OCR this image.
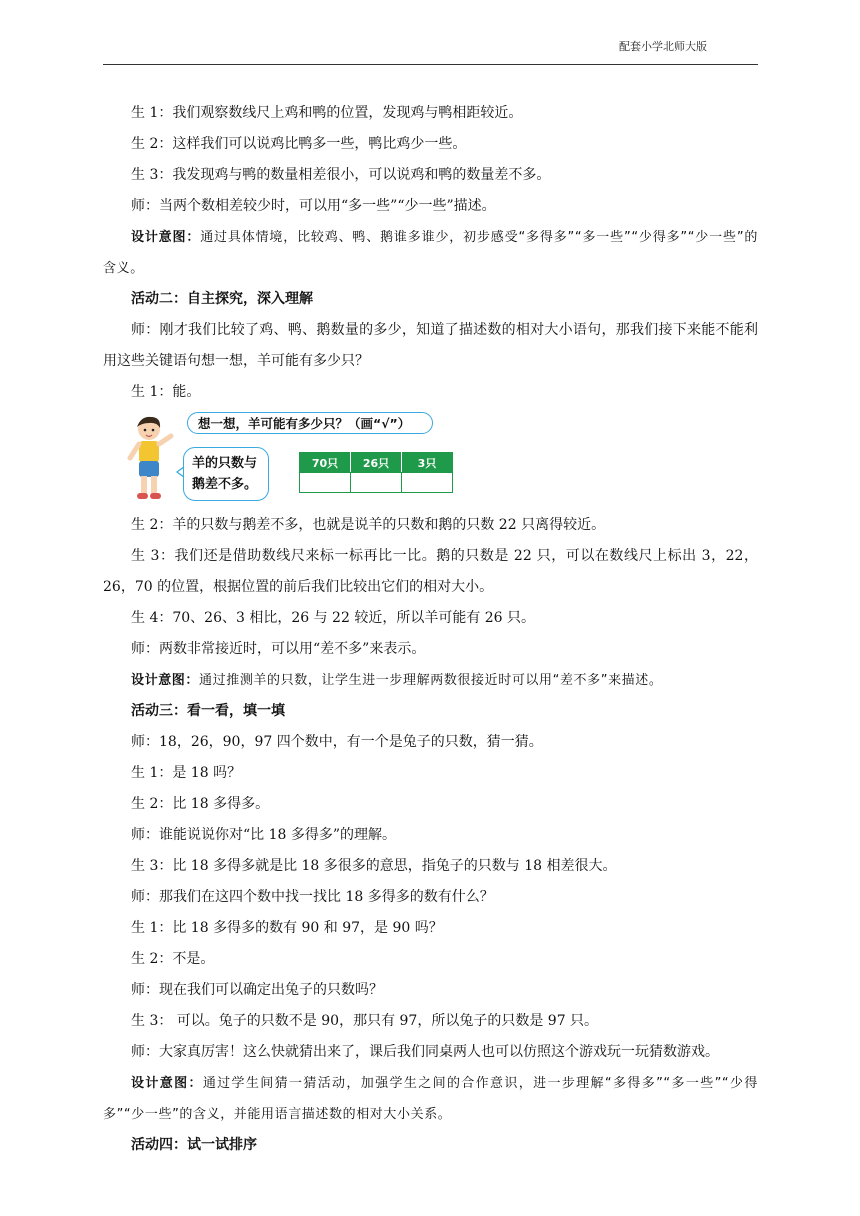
配套小学北师大版

生 1：我们观察数线尺上鸡和鸭的位置，发现鸡与鸭相距较近。

生 2：这样我们可以说鸡比鸭多一些，鸭比鸡少一些。

生 3：我发现鸡与鸭的数量相差很小，可以说鸡和鸭的数量差不多。

师：当两个数相差较少时，可以用“多一些”“少一些”描述。

设计意图：通过具体情境，比较鸡、鸭、鹅谁多谁少，初步感受“多得多”“多一些”“少得多”“少一些”的含义。

活动二：自主探究，深入理解

师：刚才我们比较了鸡、鸭、鹅数量的多少，知道了描述数的相对大小语句，那我们接下来能不能利用这些关键语句想一想，羊可能有多少只？

生 1：能。

想一想，羊可能有多少只？（画“√”）
羊的只数与
鹅差不多。
70只	26只	3只

生 2：羊的只数与鹅差不多，也就是说羊的只数和鹅的只数 22 只离得较近。

生 3：我们还是借助数线尺来标一标再比一比。鹅的只数是 22 只，可以在数线尺上标出 3，22，26，70 的位置，根据位置的前后我们比较出它们的相对大小。

生 4：70、26、3 相比，26 与 22 较近，所以羊可能有 26 只。

师：两数非常接近时，可以用“差不多”来表示。

设计意图：通过推测羊的只数，让学生进一步理解两数很接近时可以用“差不多”来描述。

活动三：看一看，填一填

师：18，26，90，97 四个数中，有一个是兔子的只数，猜一猜。

生 1：是 18 吗？

生 2：比 18 多得多。

师：谁能说说你对“比 18 多得多”的理解。

生 3：比 18 多得多就是比 18 多很多的意思，指兔子的只数与 18 相差很大。

师：那我们在这四个数中找一找比 18 多得多的数有什么？

生 1：比 18 多得多的数有 90 和 97，是 90 吗？

生 2：不是。

师：现在我们可以确定出兔子的只数吗？

生 3： 可以。兔子的只数不是 90，那只有 97，所以兔子的只数是 97 只。

师：大家真厉害！这么快就猜出来了，课后我们同桌两人也可以仿照这个游戏玩一玩猜数游戏。

设计意图：通过学生间猜一猜活动，加强学生之间的合作意识，进一步理解“多得多”“多一些”“少得多”“少一些”的含义，并能用语言描述数的相对大小关系。

活动四：试一试排序
